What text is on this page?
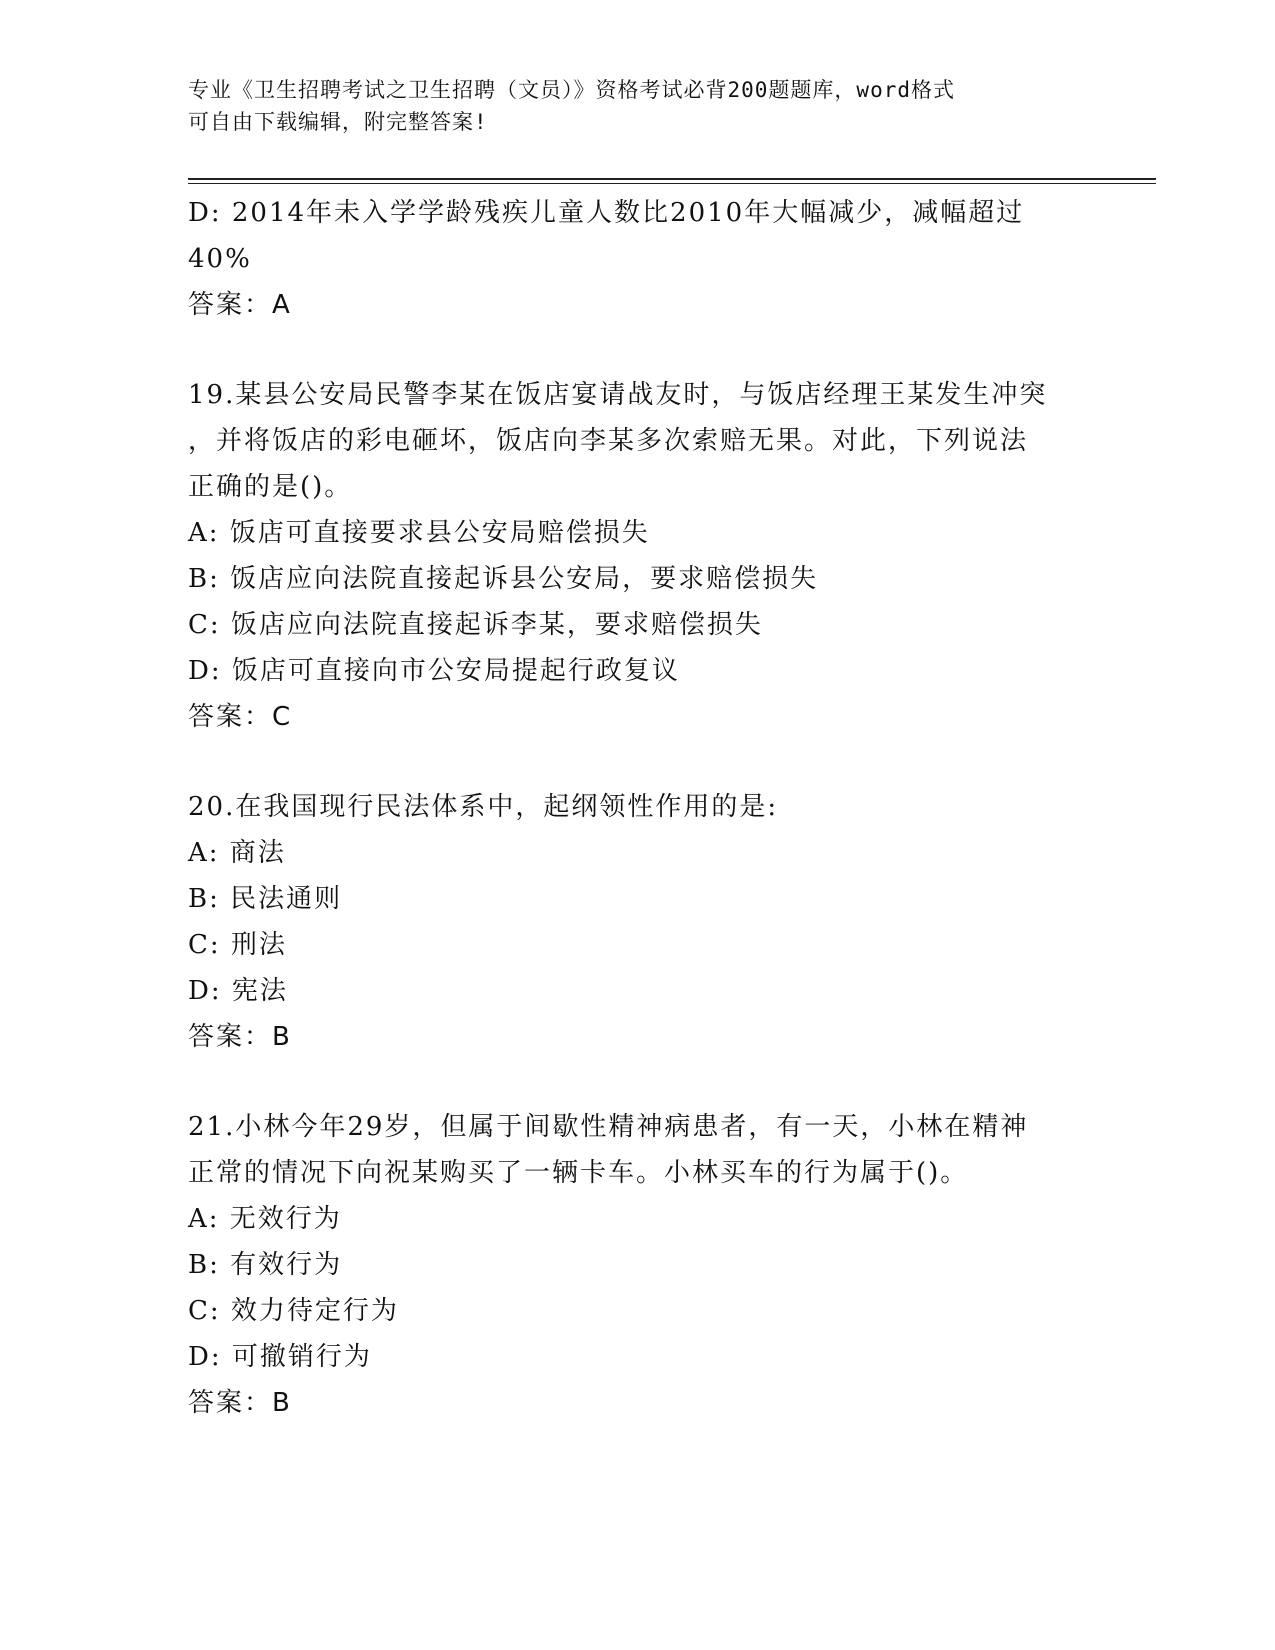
专业《卫生招聘考试之卫生招聘（文员）》资格考试必背200题题库，word格式
可自由下载编辑，附完整答案!
D: 2014年未入学学龄残疾儿童人数比2010年大幅减少，减幅超过
40%
答案：A
19.某县公安局民警李某在饭店宴请战友时，与饭店经理王某发生冲突
，并将饭店的彩电砸坏，饭店向李某多次索赔无果。对此，下列说法
正确的是()。
A: 饭店可直接要求县公安局赔偿损失
B: 饭店应向法院直接起诉县公安局，要求赔偿损失
C: 饭店应向法院直接起诉李某，要求赔偿损失
D: 饭店可直接向市公安局提起行政复议
答案：C
20.在我国现行民法体系中，起纲领性作用的是:
A: 商法
B: 民法通则
C: 刑法
D: 宪法
答案：B
21.小林今年29岁，但属于间歇性精神病患者，有一天，小林在精神
正常的情况下向祝某购买了一辆卡车。小林买车的行为属于()。
A: 无效行为
B: 有效行为
C: 效力待定行为
D: 可撤销行为
答案：B
